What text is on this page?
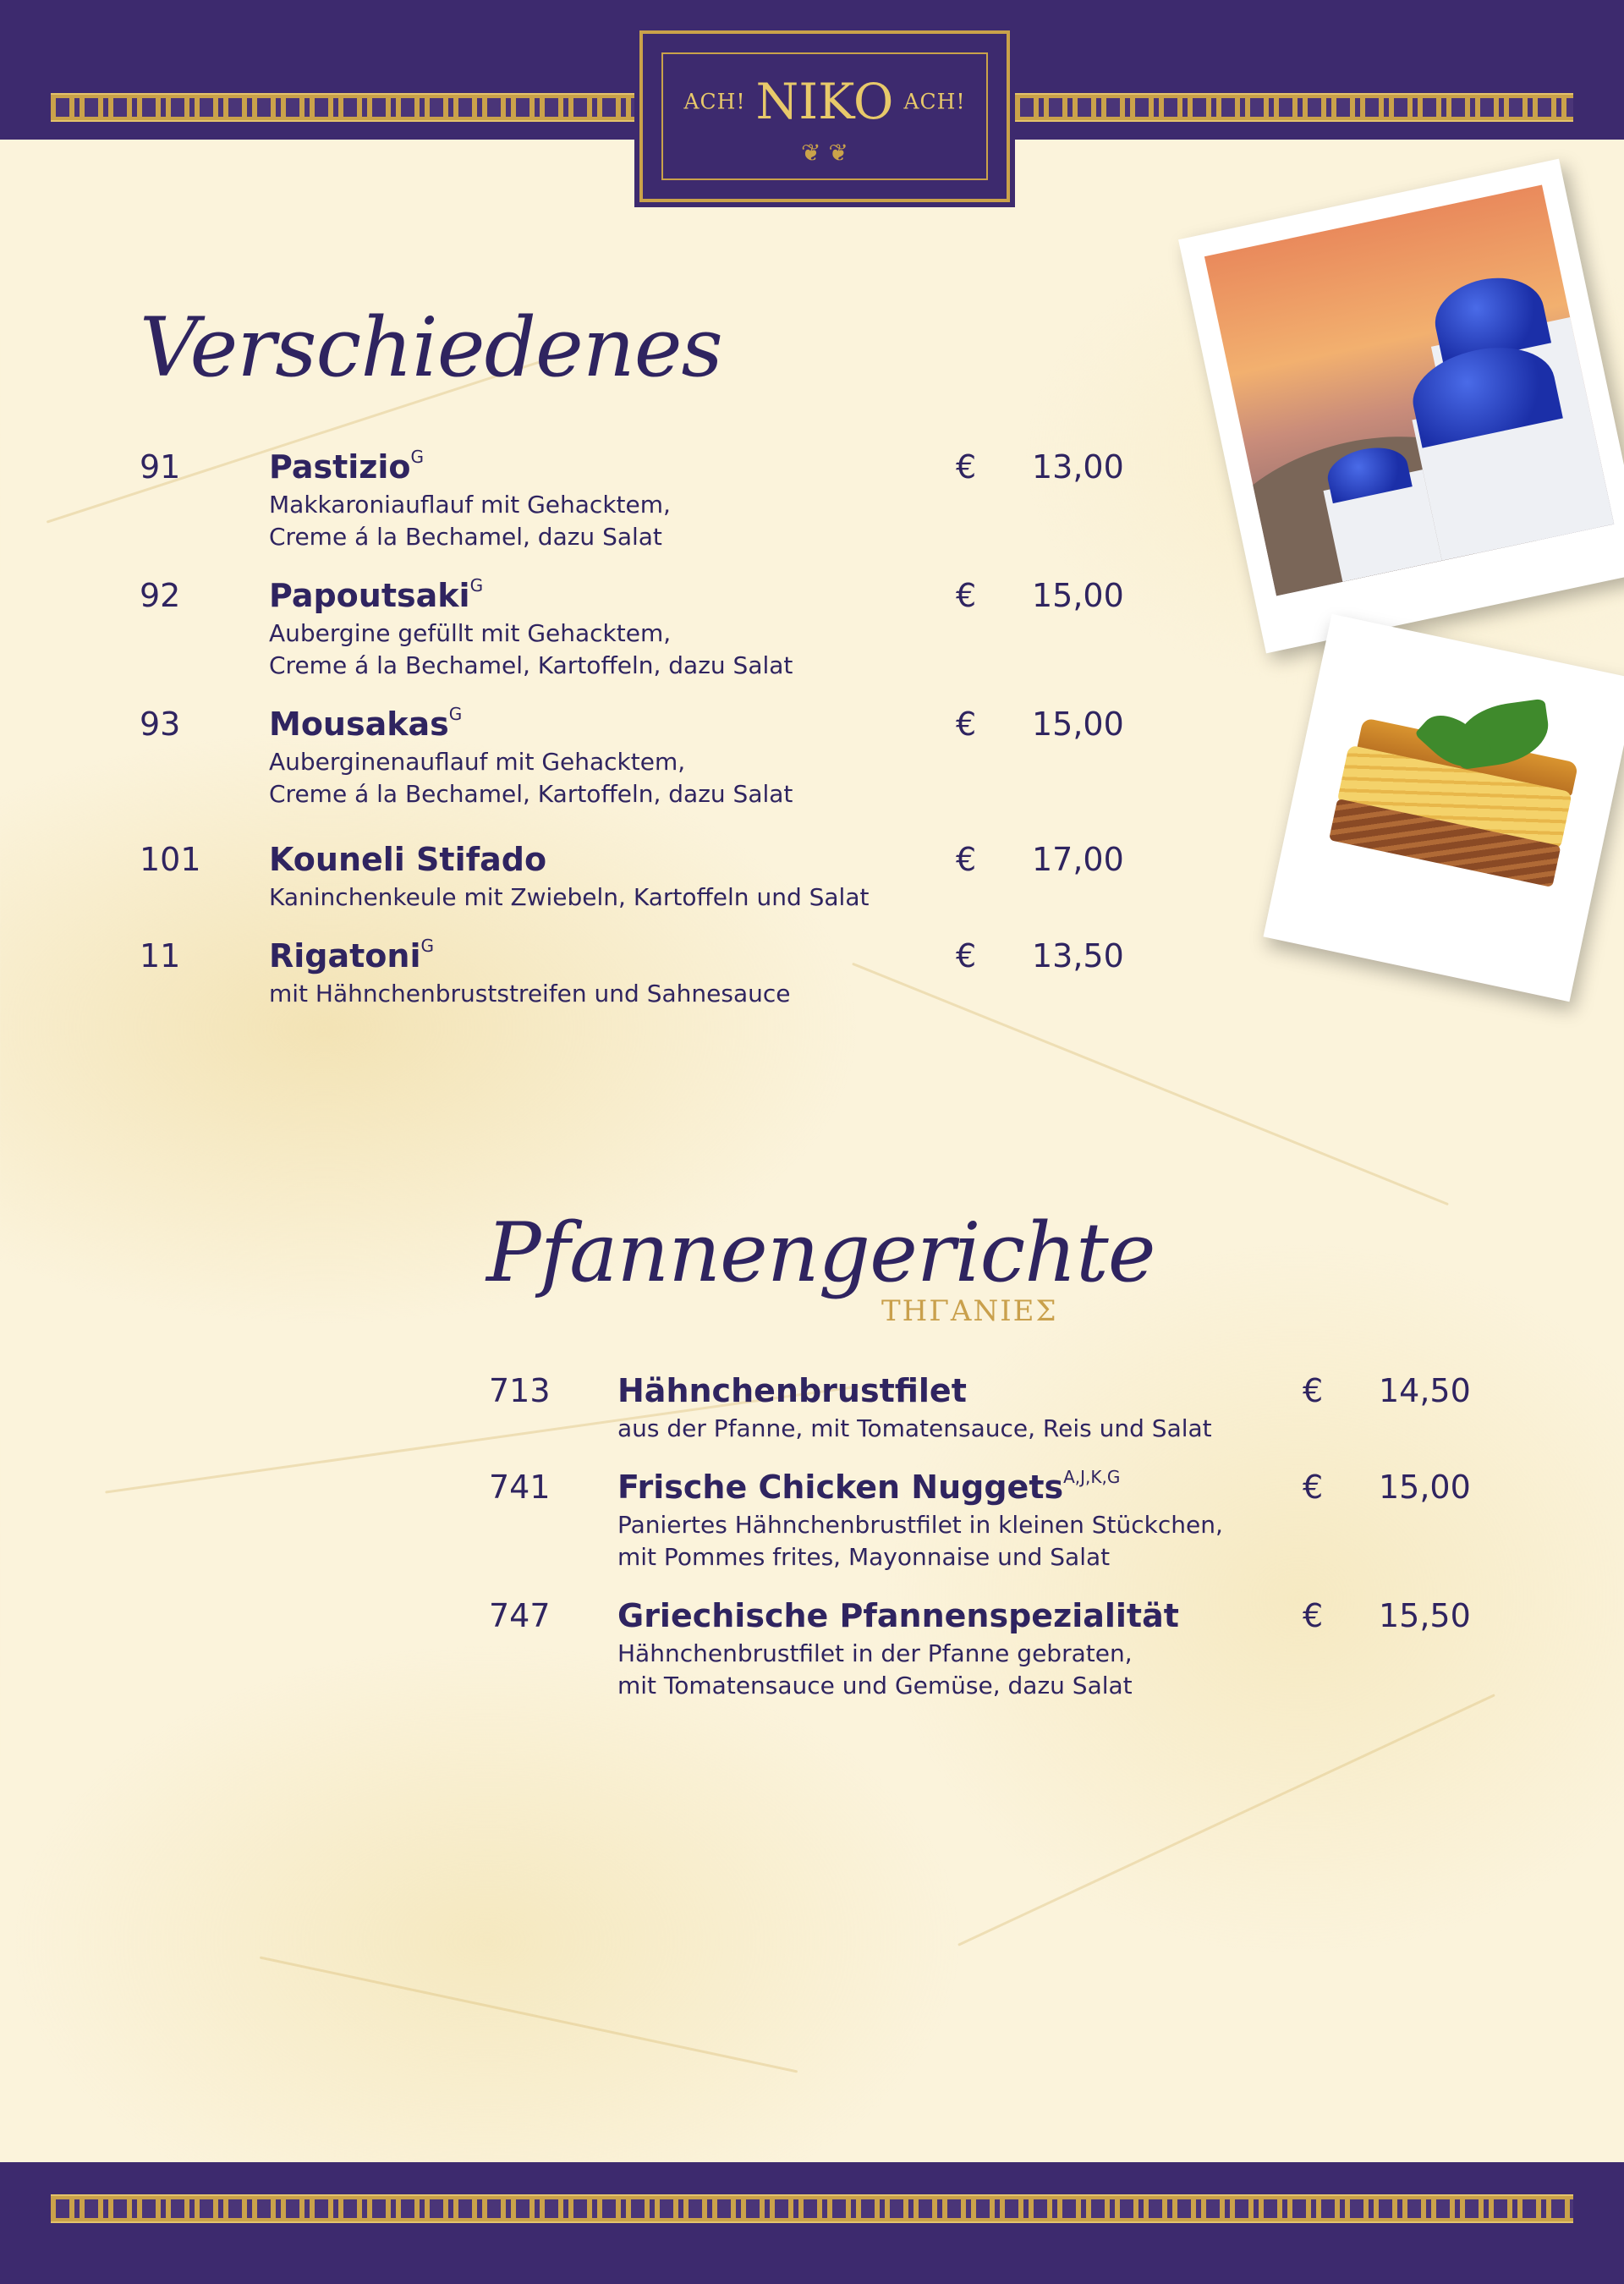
ACH! NIKO ACH!
❦ ❦
Verschiedenes
91	Pastizio$^G$	€ 13,00
Makkaroniauflauf mit Gehacktem,
Creme á la Bechamel, dazu Salat
92	Papoutsaki$^G$	€ 15,00
Aubergine gefüllt mit Gehacktem,
Creme á la Bechamel, Kartoffeln, dazu Salat
93	Mousakas$^G$	€ 15,00
Auberginenauflauf mit Gehacktem,
Creme á la Bechamel, Kartoffeln, dazu Salat
101 Kouneli Stifado	€ 17,00
Kaninchenkeule mit Zwiebeln, Kartoffeln und Salat
11	Rigatoni$^G$	€ 13,50
mit Hähnchenbruststreifen und Sahnesauce
Pfannengerichte
ΤΗΓΑΝΙΕΣ
713 Hähnchenbrustfilet	€ 14,50
aus der Pfanne, mit Tomatensauce, Reis und Salat
741 Frische Chicken Nuggets$^{A,J,K,G}$	€ 15,00
Paniertes Hähnchenbrustfilet in kleinen Stückchen,
mit Pommes frites, Mayonnaise und Salat
747 Griechische Pfannenspezialität	€ 15,50
Hähnchenbrustfilet in der Pfanne gebraten,
mit Tomatensauce und Gemüse, dazu Salat
